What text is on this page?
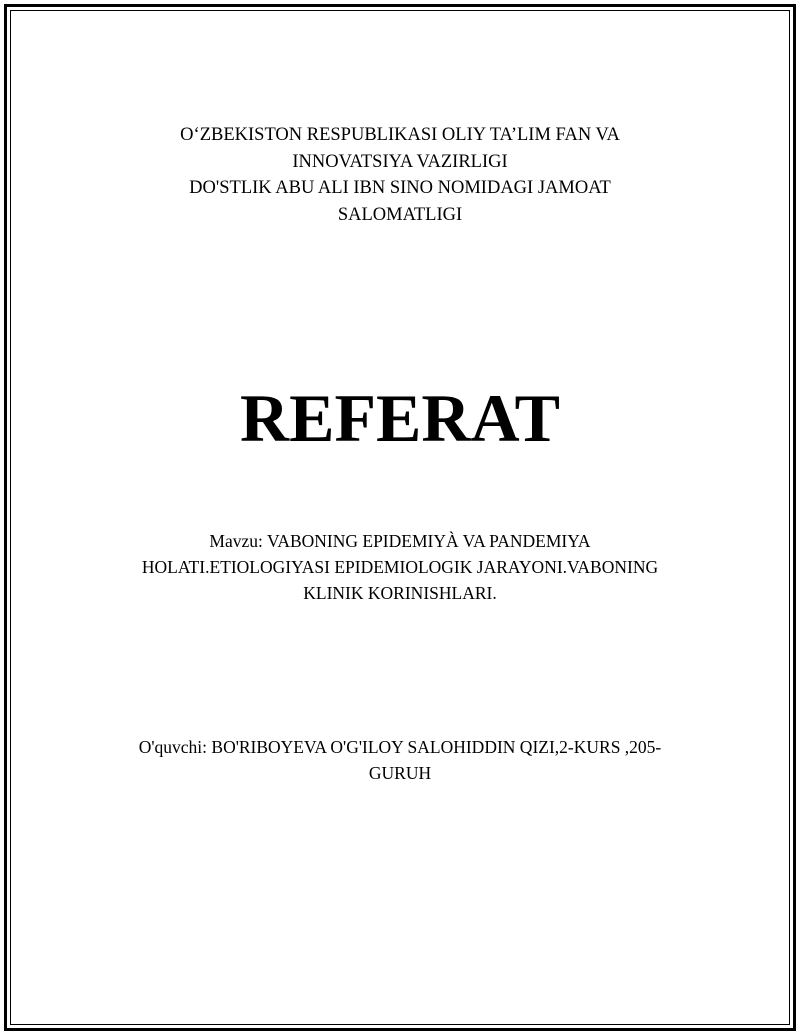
O‘ZBEKISTON RESPUBLIKASI OLIY TA’LIM FAN VA
INNOVATSIYA VAZIRLIGI
DO'STLIK ABU ALI IBN SINO NOMIDAGI JAMOAT
SALOMATLIGI
REFERAT
Mavzu: VABONING EPIDEMIYÀ VA PANDEMIYA
HOLATI.ETIOLOGIYASI EPIDEMIOLOGIK JARAYONI.VABONING
KLINIK KORINISHLARI.
O'quvchi: BO'RIBOYEVA O'G'ILOY SALOHIDDIN QIZI,2-KURS ,205-
GURUH
